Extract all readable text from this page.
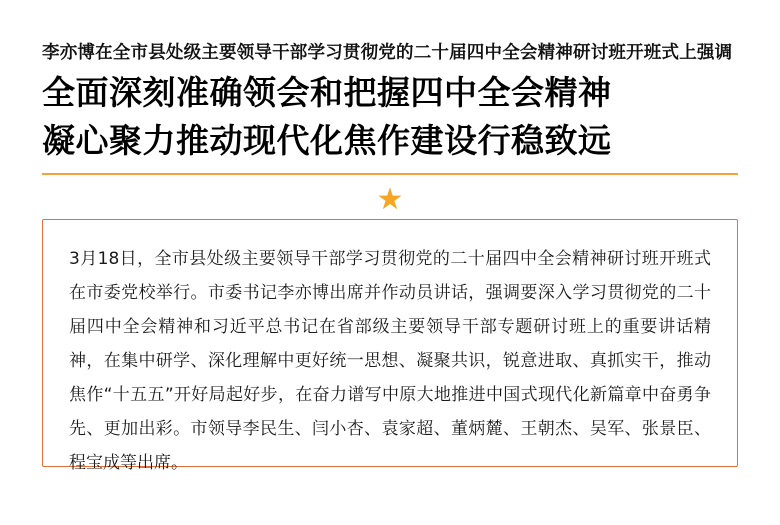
李亦博在全市县处级主要领导干部学习贯彻党的二十届四中全会精神研讨班开班式上强调
全面深刻准确领会和把握四中全会精神
凝心聚力推动现代化焦作建设行稳致远
★
3月18日，全市县处级主要领导干部学习贯彻党的二十届四中全会精神研讨班开班式在市委党校举行。市委书记李亦博出席并作动员讲话，强调要深入学习贯彻党的二十届四中全会精神和习近平总书记在省部级主要领导干部专题研讨班上的重要讲话精神，在集中研学、深化理解中更好统一思想、凝聚共识，锐意进取、真抓实干，推动焦作“十五五”开好局起好步，在奋力谱写中原大地推进中国式现代化新篇章中奋勇争先、更加出彩。市领导李民生、闫小杏、袁家超、董炳麓、王朝杰、吴军、张景臣、程宝成等出席。
